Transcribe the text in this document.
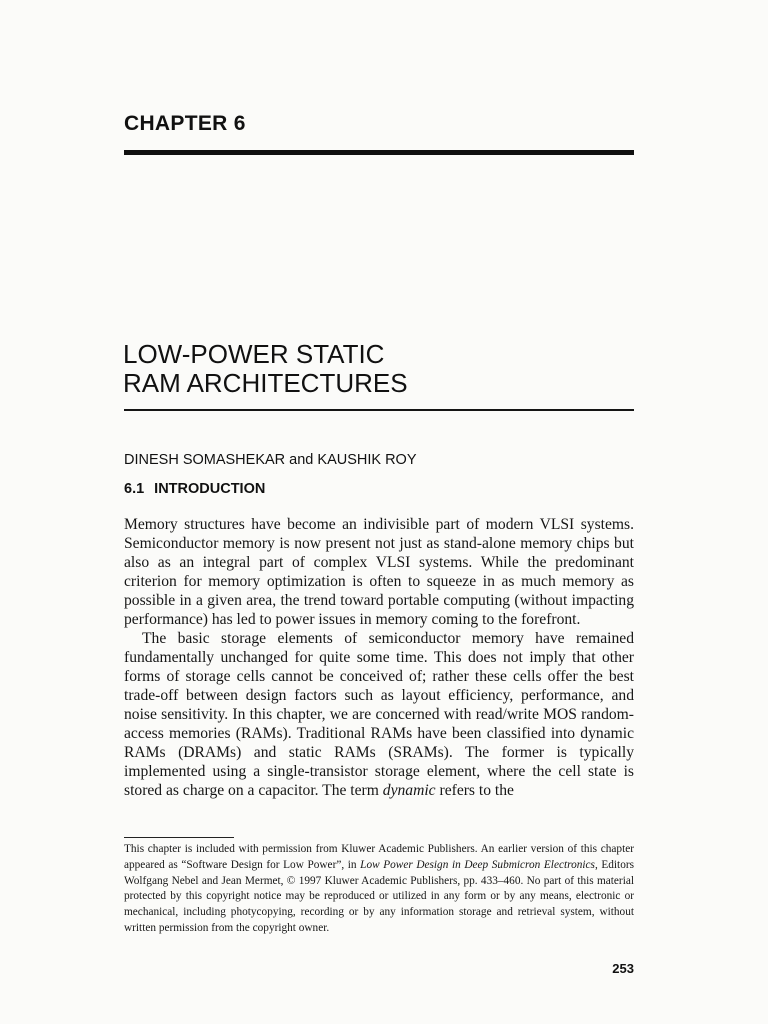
CHAPTER 6
LOW-POWER STATIC
RAM ARCHITECTURES
DINESH SOMASHEKAR and KAUSHIK ROY
6.1 INTRODUCTION

Memory structures have become an indivisible part of modern VLSI systems. Semiconductor memory is now present not just as stand-alone memory chips but also as an integral part of complex VLSI systems. While the predominant criterion for memory optimization is often to squeeze in as much memory as possible in a given area, the trend toward portable computing (without impacting performance) has led to power issues in memory coming to the forefront.

The basic storage elements of semiconductor memory have remained fundamentally unchanged for quite some time. This does not imply that other forms of storage cells cannot be conceived of; rather these cells offer the best trade-off between design factors such as layout efficiency, performance, and noise sensitivity. In this chapter, we are concerned with read/write MOS random-access memories (RAMs). Traditional RAMs have been classified into dynamic RAMs (DRAMs) and static RAMs (SRAMs). The former is typically implemented using a single-transistor storage element, where the cell state is stored as charge on a capacitor. The term dynamic refers to the

This chapter is included with permission from Kluwer Academic Publishers. An earlier version of this chapter appeared as “Software Design for Low Power”, in Low Power Design in Deep Submicron Electronics, Editors Wolfgang Nebel and Jean Mermet, © 1997 Kluwer Academic Publishers, pp. 433–460. No part of this material protected by this copyright notice may be reproduced or utilized in any form or by any means, electronic or mechanical, including photycopying, recording or by any information storage and retrieval system, without written permission from the copyright owner.

253
